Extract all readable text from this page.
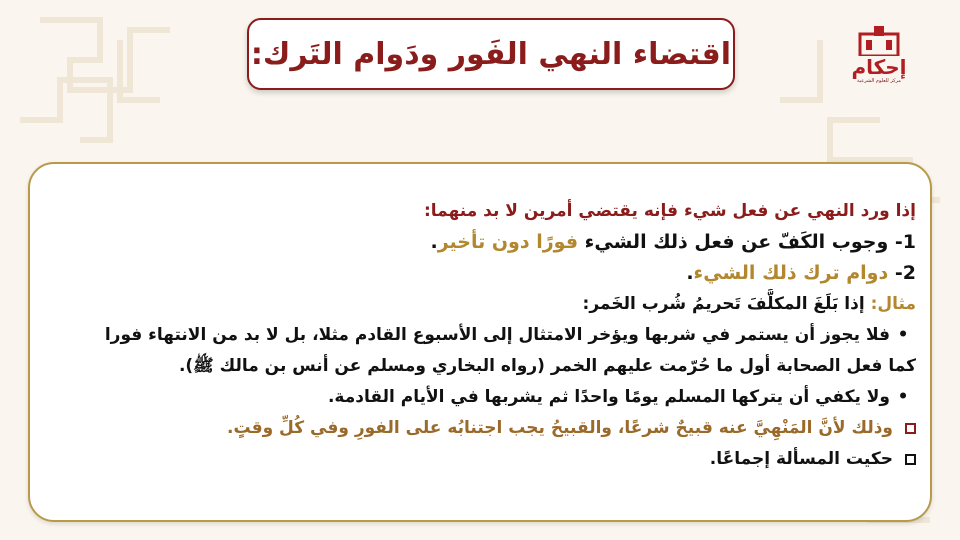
اقتضاء النهي الفَور ودَوام التَرك:	إحكام
مركز للعلوم الشرعية
إذا ورد النهي عن فعل شيء فإنه يقتضي أمرين لا بد منهما:
1- وجوب الكَفّ عن فعل ذلك الشيء فورًا دون تأخير.
2- دوام ترك ذلك الشيء.
مثال: إذا بَلَغَ المكلَّفَ تَحريمُ شُرب الخَمر:
•فلا يجوز أن يستمر في شربها ويؤخر الامتثال إلى الأسبوع القادم مثلا، بل لا بد من الانتهاء فورا
كما فعل الصحابة أول ما حُرّمت عليهم الخمر (رواه البخاري ومسلم عن أنس بن مالك ﷺ).
•ولا يكفي أن يتركها المسلم يومًا واحدًا ثم يشربها في الأيام القادمة.
وذلك لأنَّ المَنْهِيَّ عنه قبيحٌ شرعًا، والقبيحُ يجب اجتنابُه على الفورِ وفي كُلِّ وقتٍ.
حكيت المسألة إجماعًا.
